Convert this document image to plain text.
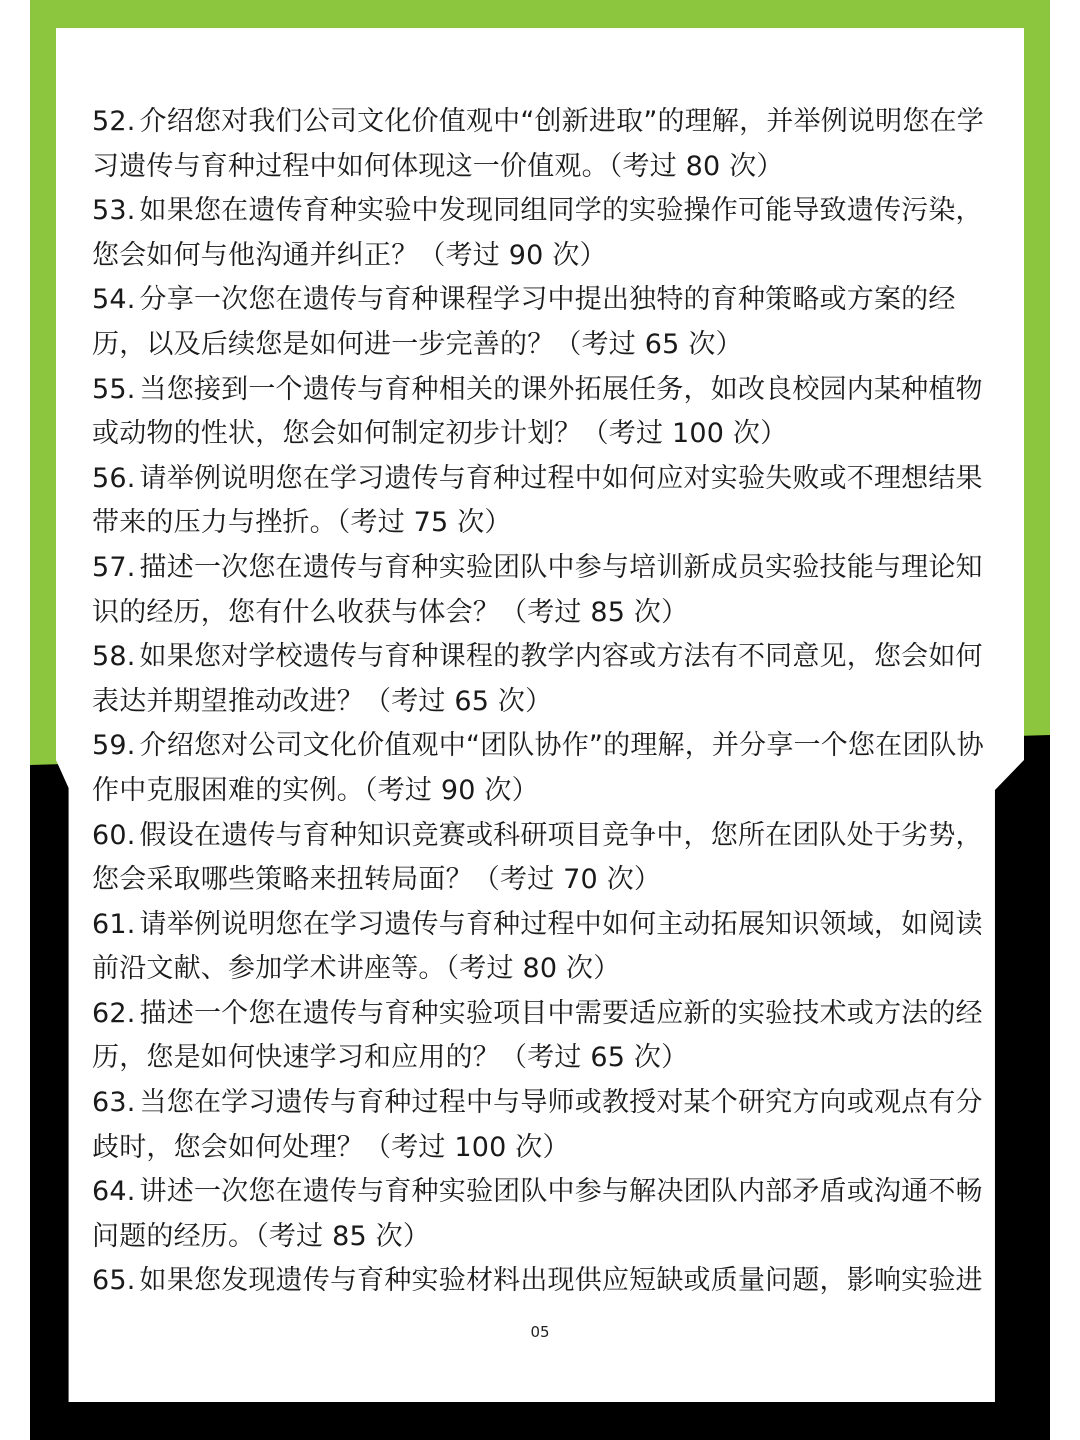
52. 介绍您对我们公司文化价值观中“创新进取”的理解，并举例说明您在学习遗传与育种过程中如何体现这一价值观。（考过 80 次）

53. 如果您在遗传育种实验中发现同组同学的实验操作可能导致遗传污染，您会如何与他沟通并纠正？（考过 90 次）

54. 分享一次您在遗传与育种课程学习中提出独特的育种策略或方案的经历，以及后续您是如何进一步完善的？（考过 65 次）

55. 当您接到一个遗传与育种相关的课外拓展任务，如改良校园内某种植物或动物的性状，您会如何制定初步计划？（考过 100 次）

56. 请举例说明您在学习遗传与育种过程中如何应对实验失败或不理想结果带来的压力与挫折。（考过 75 次）

57. 描述一次您在遗传与育种实验团队中参与培训新成员实验技能与理论知识的经历，您有什么收获与体会？（考过 85 次）

58. 如果您对学校遗传与育种课程的教学内容或方法有不同意见，您会如何表达并期望推动改进？（考过 65 次）

59. 介绍您对公司文化价值观中“团队协作”的理解，并分享一个您在团队协作中克服困难的实例。（考过 90 次）

60. 假设在遗传与育种知识竞赛或科研项目竞争中，您所在团队处于劣势，您会采取哪些策略来扭转局面？（考过 70 次）

61. 请举例说明您在学习遗传与育种过程中如何主动拓展知识领域，如阅读前沿文献、参加学术讲座等。（考过 80 次）

62. 描述一个您在遗传与育种实验项目中需要适应新的实验技术或方法的经历，您是如何快速学习和应用的？（考过 65 次）

63. 当您在学习遗传与育种过程中与导师或教授对某个研究方向或观点有分歧时，您会如何处理？（考过 100 次）

64. 讲述一次您在遗传与育种实验团队中参与解决团队内部矛盾或沟通不畅问题的经历。（考过 85 次）

65. 如果您发现遗传与育种实验材料出现供应短缺或质量问题，影响实验进

05
